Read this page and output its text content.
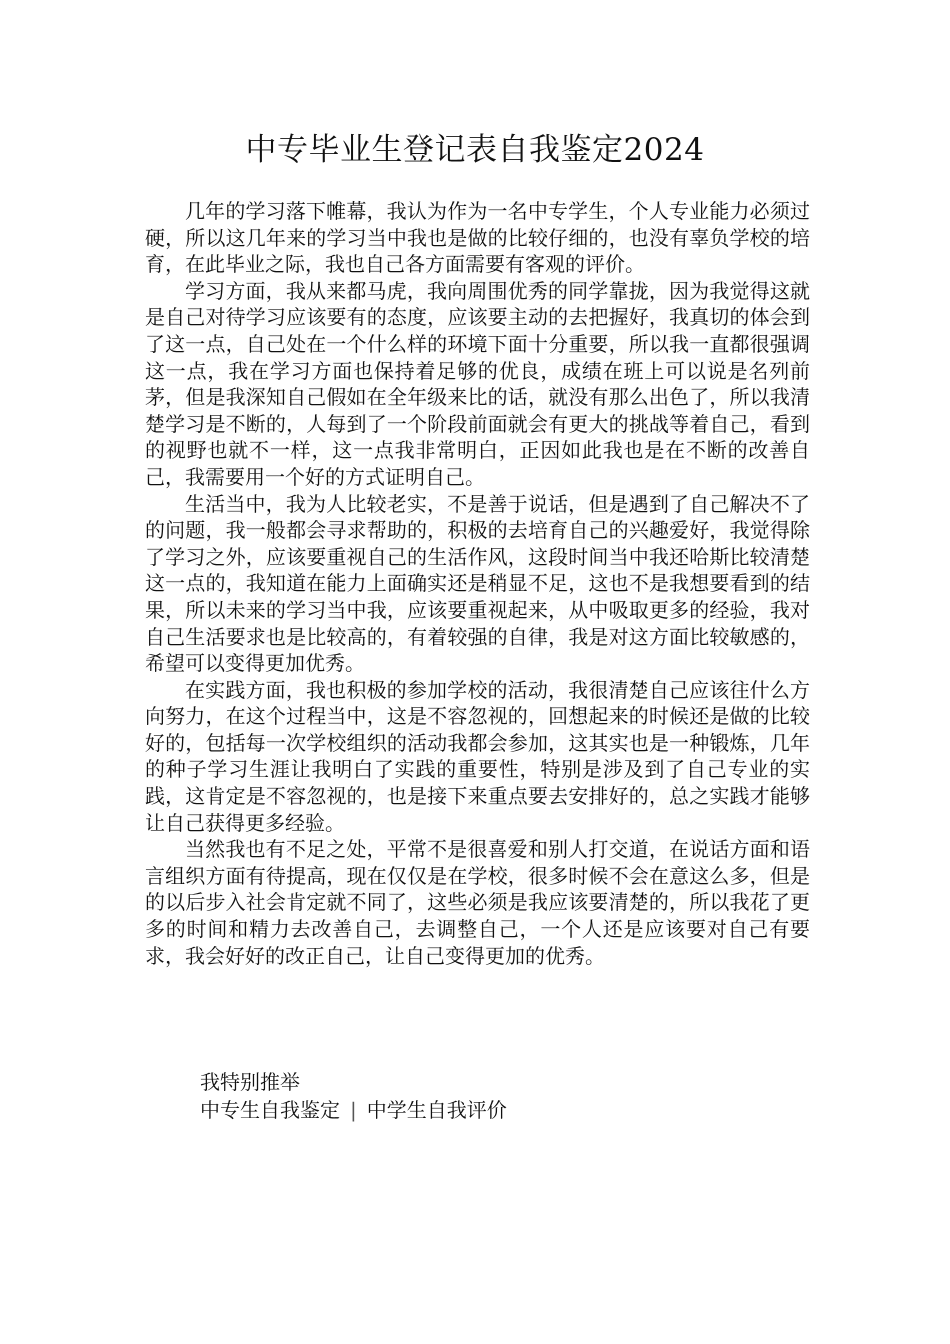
中专毕业生登记表自我鉴定2024

几年的学习落下帷幕，我认为作为一名中专学生，个人专业能力必须过硬，所以这几年来的学习当中我也是做的比较仔细的，也没有辜负学校的培育，在此毕业之际，我也自己各方面需要有客观的评价。

学习方面，我从来都马虎，我向周围优秀的同学靠拢，因为我觉得这就是自己对待学习应该要有的态度，应该要主动的去把握好，我真切的体会到了这一点，自己处在一个什么样的环境下面十分重要，所以我一直都很强调这一点，我在学习方面也保持着足够的优良，成绩在班上可以说是名列前茅，但是我深知自己假如在全年级来比的话，就没有那么出色了，所以我清楚学习是不断的，人每到了一个阶段前面就会有更大的挑战等着自己，看到的视野也就不一样，这一点我非常明白，正因如此我也是在不断的改善自己，我需要用一个好的方式证明自己。

生活当中，我为人比较老实，不是善于说话，但是遇到了自己解决不了的问题，我一般都会寻求帮助的，积极的去培育自己的兴趣爱好，我觉得除了学习之外，应该要重视自己的生活作风，这段时间当中我还哈斯比较清楚这一点的，我知道在能力上面确实还是稍显不足，这也不是我想要看到的结果，所以未来的学习当中我，应该要重视起来，从中吸取更多的经验，我对自己生活要求也是比较高的，有着较强的自律，我是对这方面比较敏感的，希望可以变得更加优秀。

在实践方面，我也积极的参加学校的活动，我很清楚自己应该往什么方向努力，在这个过程当中，这是不容忽视的，回想起来的时候还是做的比较好的，包括每一次学校组织的活动我都会参加，这其实也是一种锻炼，几年的种子学习生涯让我明白了实践的重要性，特别是涉及到了自己专业的实践，这肯定是不容忽视的，也是接下来重点要去安排好的，总之实践才能够让自己获得更多经验。

当然我也有不足之处，平常不是很喜爱和别人打交道，在说话方面和语言组织方面有待提高，现在仅仅是在学校，很多时候不会在意这么多，但是的以后步入社会肯定就不同了，这些必须是我应该要清楚的，所以我花了更多的时间和精力去改善自己，去调整自己，一个人还是应该要对自己有要求，我会好好的改正自己，让自己变得更加的优秀。

我特别推举
中专生自我鉴定 | 中学生自我评价
